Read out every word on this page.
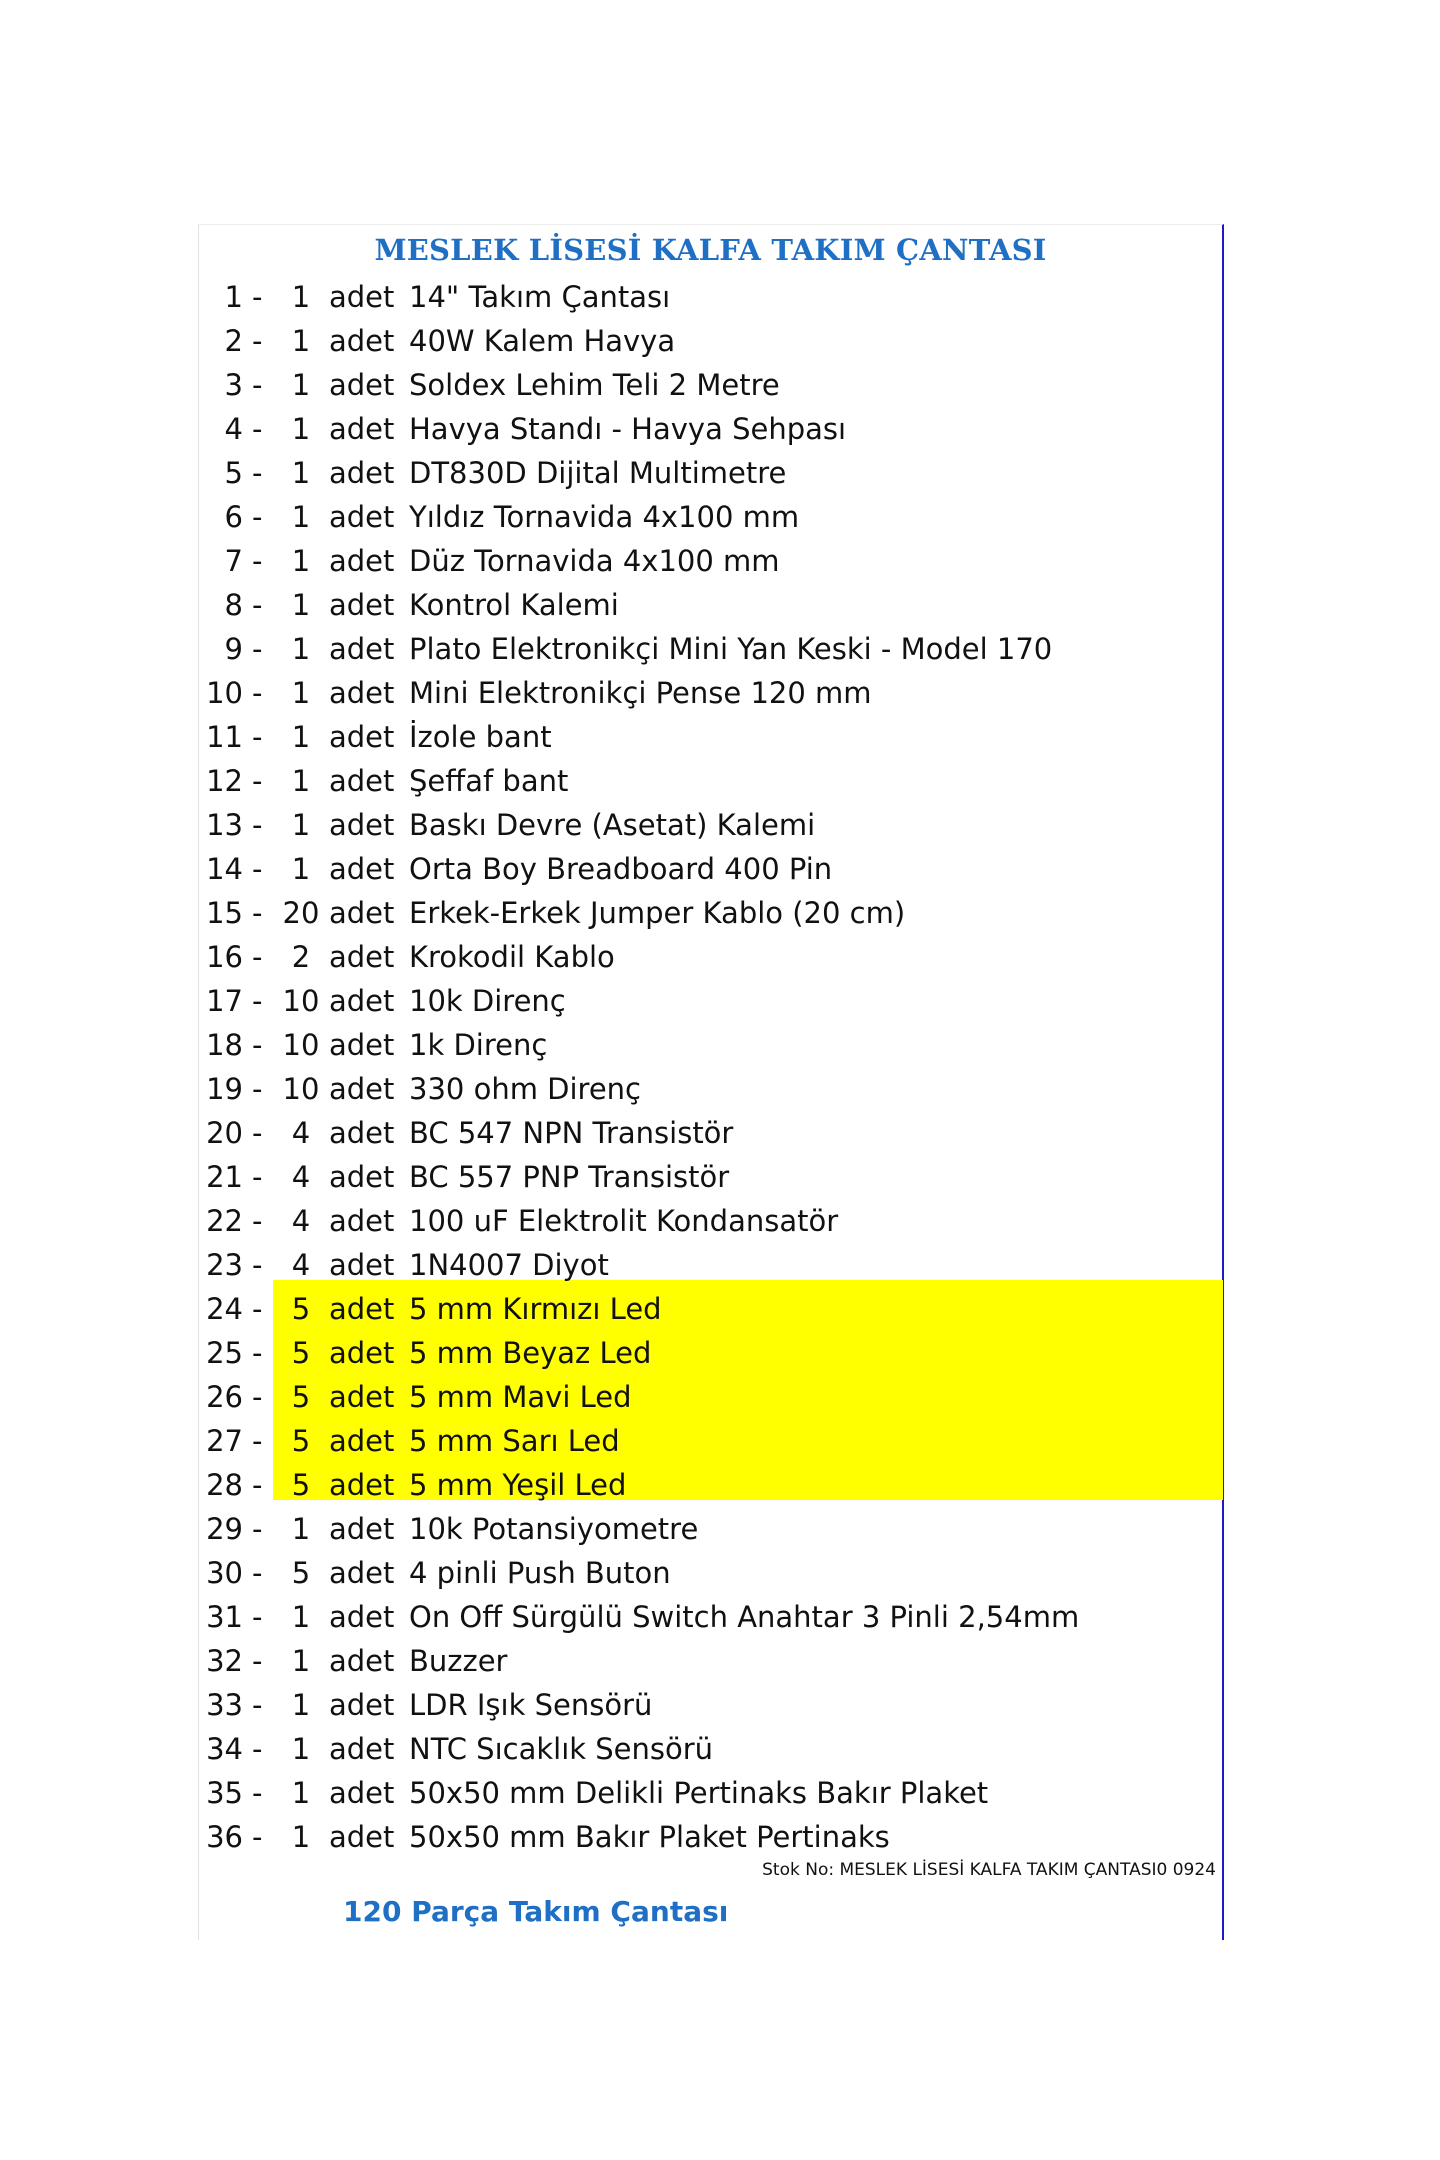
MESLEK LİSESİ KALFA TAKIM ÇANTASI
1 -	1 adet 14" Takım Çantası
2 -	1 adet 40W Kalem Havya
3 -	1 adet Soldex Lehim Teli 2 Metre
4 -	1 adet Havya Standı - Havya Sehpası
5 -	1 adet DT830D Dijital Multimetre
6 -	1 adet Yıldız Tornavida 4x100 mm
7 -	1 adet Düz Tornavida 4x100 mm
8 -	1 adet Kontrol Kalemi
9 -	1 adet Plato Elektronikçi Mini Yan Keski - Model 170
10 -	1 adet Mini Elektronikçi Pense 120 mm
11 -	1 adet İzole bant
12 -	1 adet Şeffaf bant
13 -	1 adet Baskı Devre (Asetat) Kalemi
14 -	1 adet Orta Boy Breadboard 400 Pin
15 - 20 adet Erkek-Erkek Jumper Kablo (20 cm)
16 -	2 adet Krokodil Kablo
17 - 10 adet 10k Direnç
18 - 10 adet 1k Direnç
19 - 10 adet 330 ohm Direnç
20 -	4 adet BC 547 NPN Transistör
21 -	4 adet BC 557 PNP Transistör
22 -	4 adet 100 uF Elektrolit Kondansatör
23 -	4 adet 1N4007 Diyot
24 -	5 adet 5 mm Kırmızı Led
25 -	5 adet 5 mm Beyaz Led
26 -	5 adet 5 mm Mavi Led
27 -	5 adet 5 mm Sarı Led
28 -	5 adet 5 mm Yeşil Led
29 -	1 adet 10k Potansiyometre
30 -	5 adet 4 pinli Push Buton
31 -	1 adet On Off Sürgülü Switch Anahtar 3 Pinli 2,54mm
32 -	1 adet Buzzer
33 -	1 adet LDR Işık Sensörü
34 -	1 adet NTC Sıcaklık Sensörü
35 -	1 adet 50x50 mm Delikli Pertinaks Bakır Plaket
36 -	1 adet 50x50 mm Bakır Plaket Pertinaks
Stok No: MESLEK LİSESİ KALFA TAKIM ÇANTASI0 0924
120 Parça Takım Çantası
